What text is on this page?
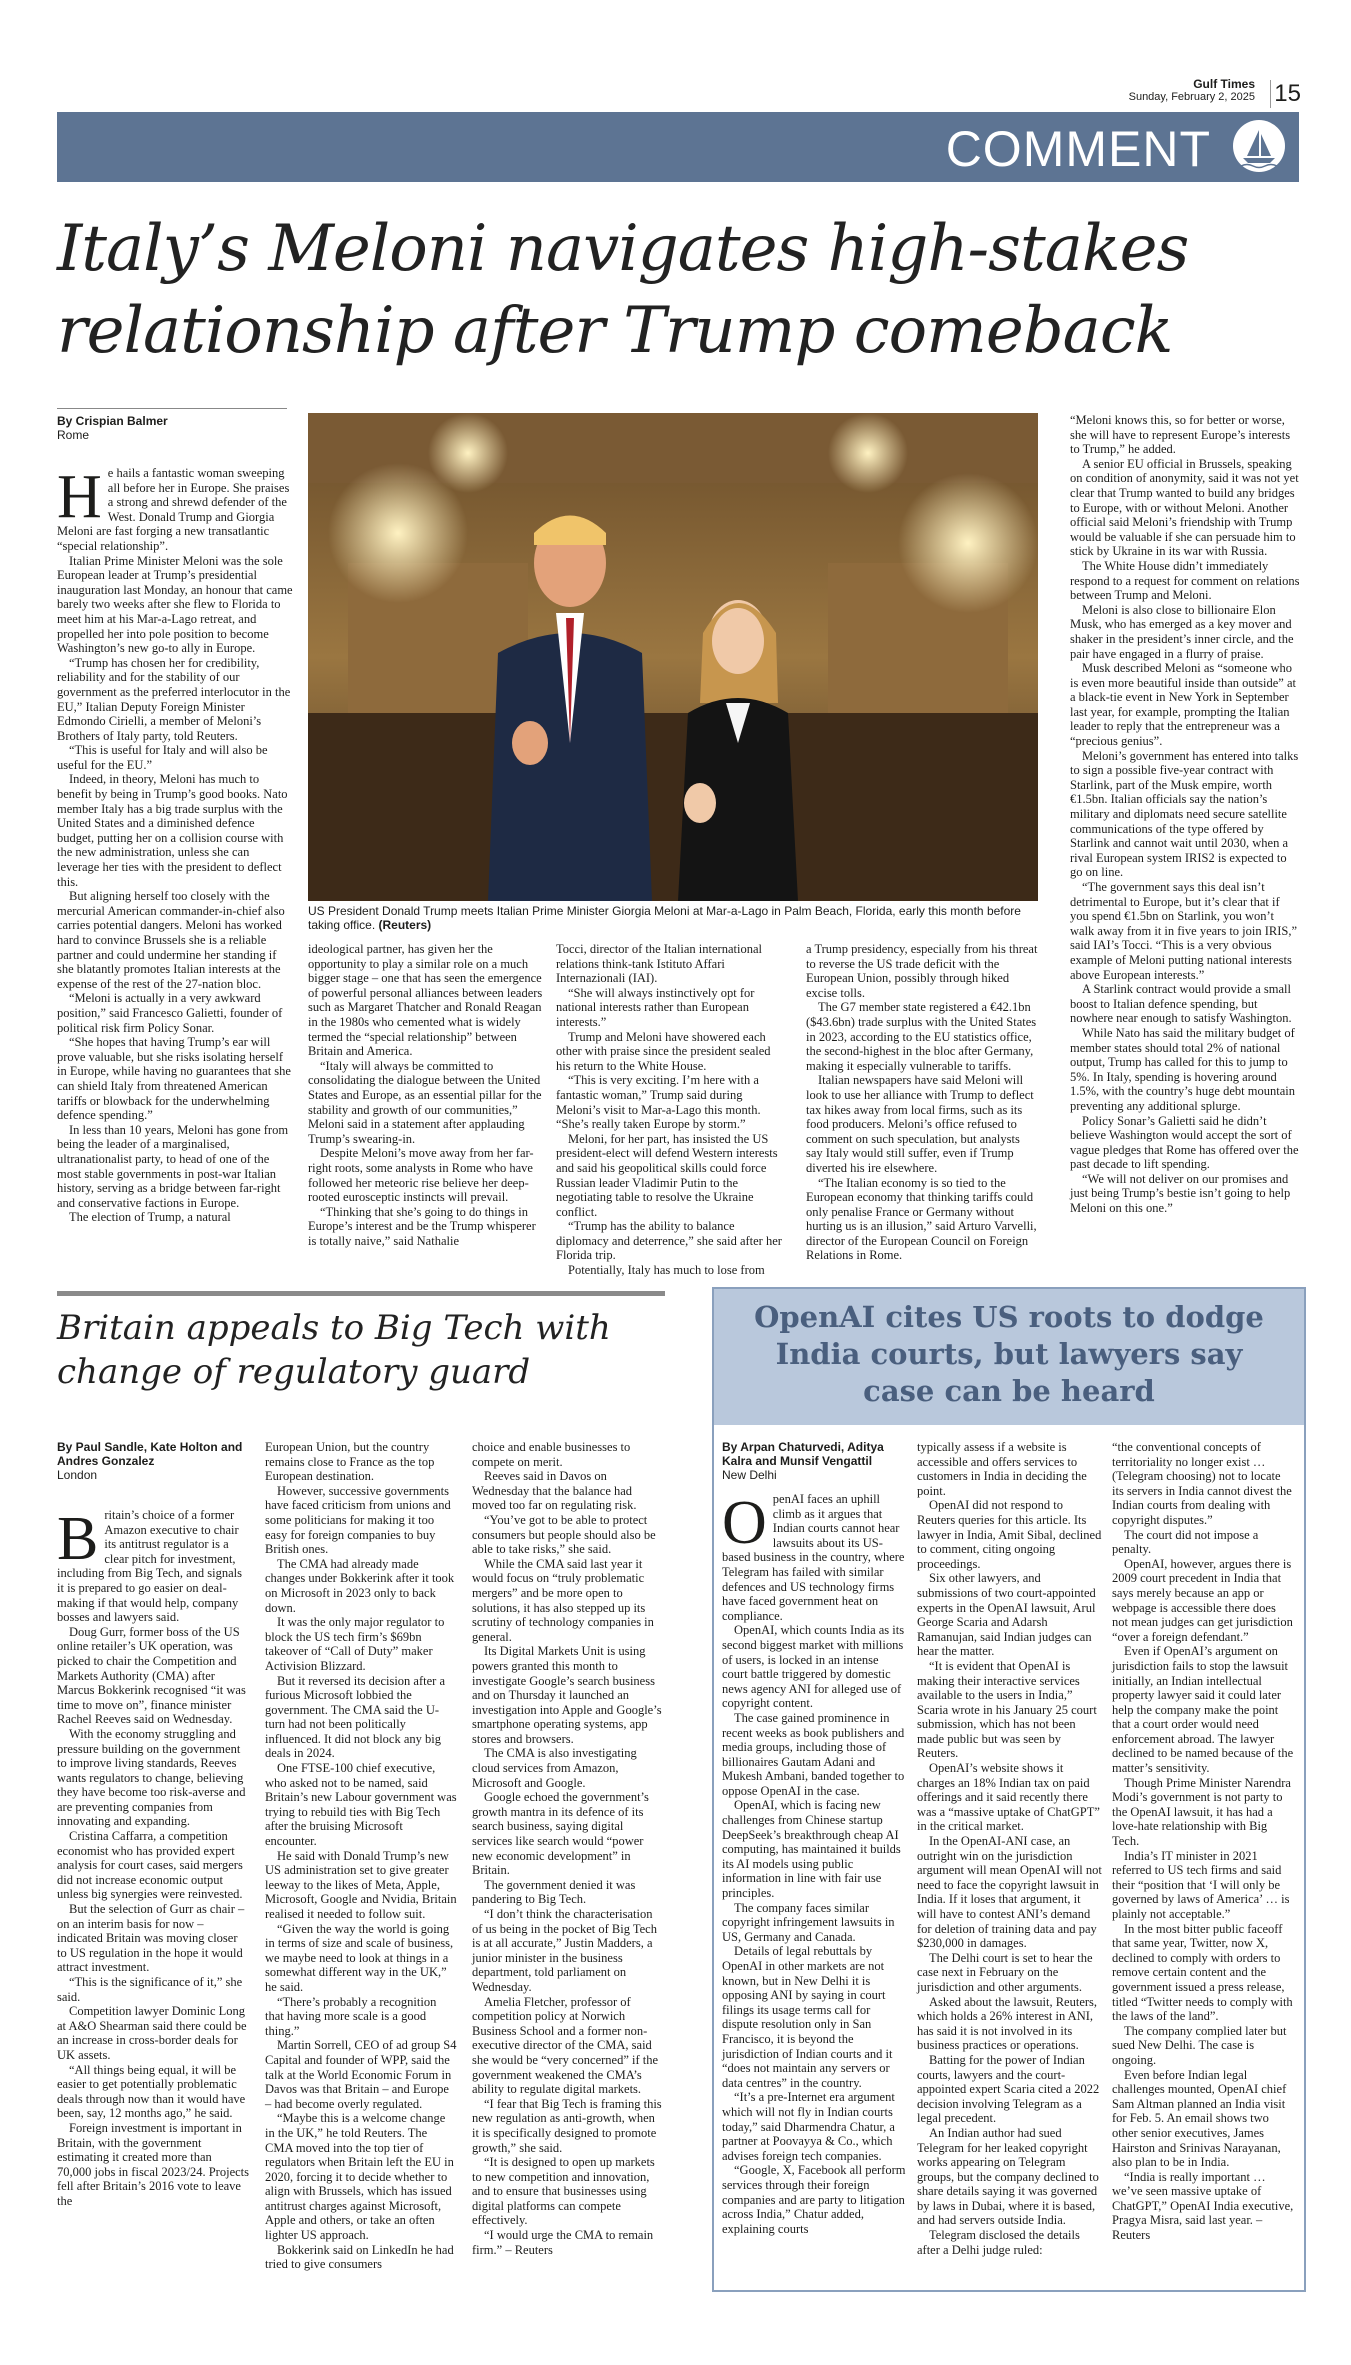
Gulf Times
Sunday, February 2, 2025 15
COMMENT
Italy’s Meloni navigates high-stakes
relationship after Trump comeback
By Crispian Balmer
Rome

He hails a fantastic woman sweeping all before her in Europe. She praises a strong and shrewd defender of the West. Donald Trump and Giorgia Meloni are fast forging a new transatlantic “special relationship”.

Italian Prime Minister Meloni was the sole European leader at Trump’s presidential inauguration last Monday, an honour that came barely two weeks after she flew to Florida to meet him at his Mar-a-Lago retreat, and propelled her into pole position to become Washington’s new go-to ally in Europe.

“Trump has chosen her for credibility, reliability and for the stability of our government as the preferred interlocutor in the EU,” Italian Deputy Foreign Minister Edmondo Cirielli, a member of Meloni’s Brothers of Italy party, told Reuters.

“This is useful for Italy and will also be useful for the EU.”

Indeed, in theory, Meloni has much to benefit by being in Trump’s good books. Nato member Italy has a big trade surplus with the United States and a diminished defence budget, putting her on a collision course with the new administration, unless she can leverage her ties with the president to deflect this.

But aligning herself too closely with the mercurial American commander-in-chief also carries potential dangers. Meloni has worked hard to convince Brussels she is a reliable partner and could undermine her standing if she blatantly promotes Italian interests at the expense of the rest of the 27-nation bloc.

“Meloni is actually in a very awkward position,” said Francesco Galietti, founder of political risk firm Policy Sonar.

“She hopes that having Trump’s ear will prove valuable, but she risks isolating herself in Europe, while having no guarantees that she can shield Italy from threatened American tariffs or blowback for the underwhelming defence spending.”

In less than 10 years, Meloni has gone from being the leader of a marginalised, ultranationalist party, to head of one of the most stable governments in post-war Italian history, serving as a bridge between far-right and conservative factions in Europe.

The election of Trump, a natural

US President Donald Trump meets Italian Prime Minister Giorgia Meloni at Mar-a-Lago in Palm Beach, Florida, early this month before taking office. (Reuters)

ideological partner, has given her the opportunity to play a similar role on a much bigger stage – one that has seen the emergence of powerful personal alliances between leaders such as Margaret Thatcher and Ronald Reagan in the 1980s who cemented what is widely termed the “special relationship” between Britain and America.

“Italy will always be committed to consolidating the dialogue between the United States and Europe, as an essential pillar for the stability and growth of our communities,” Meloni said in a statement after applauding Trump’s swearing-in.

Despite Meloni’s move away from her far-right roots, some analysts in Rome who have followed her meteoric rise believe her deep-rooted eurosceptic instincts will prevail.

“Thinking that she’s going to do things in Europe’s interest and be the Trump whisperer is totally naive,” said Nathalie

Tocci, director of the Italian international relations think-tank Istituto Affari Internazionali (IAI).

“She will always instinctively opt for national interests rather than European interests.”

Trump and Meloni have showered each other with praise since the president sealed his return to the White House.

“This is very exciting. I’m here with a fantastic woman,” Trump said during Meloni’s visit to Mar-a-Lago this month. “She’s really taken Europe by storm.”

Meloni, for her part, has insisted the US president-elect will defend Western interests and said his geopolitical skills could force Russian leader Vladimir Putin to the negotiating table to resolve the Ukraine conflict.

“Trump has the ability to balance diplomacy and deterrence,” she said after her Florida trip.

Potentially, Italy has much to lose from

a Trump presidency, especially from his threat to reverse the US trade deficit with the European Union, possibly through hiked excise tolls.

The G7 member state registered a €42.1bn ($43.6bn) trade surplus with the United States in 2023, according to the EU statistics office, the second-highest in the bloc after Germany, making it especially vulnerable to tariffs.

Italian newspapers have said Meloni will look to use her alliance with Trump to deflect tax hikes away from local firms, such as its food producers. Meloni’s office refused to comment on such speculation, but analysts say Italy would still suffer, even if Trump diverted his ire elsewhere.

“The Italian economy is so tied to the European economy that thinking tariffs could only penalise France or Germany without hurting us is an illusion,” said Arturo Varvelli, director of the European Council on Foreign Relations in Rome.

“Meloni knows this, so for better or worse, she will have to represent Europe’s interests to Trump,” he added.

A senior EU official in Brussels, speaking on condition of anonymity, said it was not yet clear that Trump wanted to build any bridges to Europe, with or without Meloni. Another official said Meloni’s friendship with Trump would be valuable if she can persuade him to stick by Ukraine in its war with Russia.

The White House didn’t immediately respond to a request for comment on relations between Trump and Meloni.

Meloni is also close to billionaire Elon Musk, who has emerged as a key mover and shaker in the president’s inner circle, and the pair have engaged in a flurry of praise.

Musk described Meloni as “someone who is even more beautiful inside than outside” at a black-tie event in New York in September last year, for example, prompting the Italian leader to reply that the entrepreneur was a “precious genius”.

Meloni’s government has entered into talks to sign a possible five-year contract with Starlink, part of the Musk empire, worth €1.5bn. Italian officials say the nation’s military and diplomats need secure satellite communications of the type offered by Starlink and cannot wait until 2030, when a rival European system IRIS2 is expected to go on line.

“The government says this deal isn’t detrimental to Europe, but it’s clear that if you spend €1.5bn on Starlink, you won’t walk away from it in five years to join IRIS,” said IAI’s Tocci. “This is a very obvious example of Meloni putting national interests above European interests.”

A Starlink contract would provide a small boost to Italian defence spending, but nowhere near enough to satisfy Washington.

While Nato has said the military budget of member states should total 2% of national output, Trump has called for this to jump to 5%. In Italy, spending is hovering around 1.5%, with the country’s huge debt mountain preventing any additional splurge.

Policy Sonar’s Galietti said he didn’t believe Washington would accept the sort of vague pledges that Rome has offered over the past decade to lift spending.

“We will not deliver on our promises and just being Trump’s bestie isn’t going to help Meloni on this one.”

Britain appeals to Big Tech with
change of regulatory guard
By Paul Sandle, Kate Holton and Andres Gonzalez
London

Britain’s choice of a former Amazon executive to chair its antitrust regulator is a clear pitch for investment, including from Big Tech, and signals it is prepared to go easier on deal-making if that would help, company bosses and lawyers said.

Doug Gurr, former boss of the US online retailer’s UK operation, was picked to chair the Competition and Markets Authority (CMA) after Marcus Bokkerink recognised “it was time to move on”, finance minister Rachel Reeves said on Wednesday.

With the economy struggling and pressure building on the government to improve living standards, Reeves wants regulators to change, believing they have become too risk-averse and are preventing companies from innovating and expanding.

Cristina Caffarra, a competition economist who has provided expert analysis for court cases, said mergers did not increase economic output unless big synergies were reinvested.

But the selection of Gurr as chair – on an interim basis for now – indicated Britain was moving closer to US regulation in the hope it would attract investment.

“This is the significance of it,” she said.

Competition lawyer Dominic Long at A&O Shearman said there could be an increase in cross-border deals for UK assets.

“All things being equal, it will be easier to get potentially problematic deals through now than it would have been, say, 12 months ago,” he said.

Foreign investment is important in Britain, with the government estimating it created more than 70,000 jobs in fiscal 2023/24. Projects fell after Britain’s 2016 vote to leave the

European Union, but the country remains close to France as the top European destination.

However, successive governments have faced criticism from unions and some politicians for making it too easy for foreign companies to buy British ones.

The CMA had already made changes under Bokkerink after it took on Microsoft in 2023 only to back down.

It was the only major regulator to block the US tech firm’s $69bn takeover of “Call of Duty” maker Activision Blizzard.

But it reversed its decision after a furious Microsoft lobbied the government. The CMA said the U-turn had not been politically influenced. It did not block any big deals in 2024.

One FTSE-100 chief executive, who asked not to be named, said Britain’s new Labour government was trying to rebuild ties with Big Tech after the bruising Microsoft encounter.

He said with Donald Trump’s new US administration set to give greater leeway to the likes of Meta, Apple, Microsoft, Google and Nvidia, Britain realised it needed to follow suit.

“Given the way the world is going in terms of size and scale of business, we maybe need to look at things in a somewhat different way in the UK,” he said.

“There’s probably a recognition that having more scale is a good thing.”

Martin Sorrell, CEO of ad group S4 Capital and founder of WPP, said the talk at the World Economic Forum in Davos was that Britain – and Europe – had become overly regulated.

“Maybe this is a welcome change in the UK,” he told Reuters. The CMA moved into the top tier of regulators when Britain left the EU in 2020, forcing it to decide whether to align with Brussels, which has issued antitrust charges against Microsoft, Apple and others, or take an often lighter US approach.

Bokkerink said on LinkedIn he had tried to give consumers

choice and enable businesses to compete on merit.

Reeves said in Davos on Wednesday that the balance had moved too far on regulating risk.

“You’ve got to be able to protect consumers but people should also be able to take risks,” she said.

While the CMA said last year it would focus on “truly problematic mergers” and be more open to solutions, it has also stepped up its scrutiny of technology companies in general.

Its Digital Markets Unit is using powers granted this month to investigate Google’s search business and on Thursday it launched an investigation into Apple and Google’s smartphone operating systems, app stores and browsers.

The CMA is also investigating cloud services from Amazon, Microsoft and Google.

Google echoed the government’s growth mantra in its defence of its search business, saying digital services like search would “power new economic development” in Britain.

The government denied it was pandering to Big Tech.

“I don’t think the characterisation of us being in the pocket of Big Tech is at all accurate,” Justin Madders, a junior minister in the business department, told parliament on Wednesday.

Amelia Fletcher, professor of competition policy at Norwich Business School and a former non-executive director of the CMA, said she would be “very concerned” if the government weakened the CMA’s ability to regulate digital markets.

“I fear that Big Tech is framing this new regulation as anti-growth, when it is specifically designed to promote growth,” she said.

“It is designed to open up markets to new competition and innovation, and to ensure that businesses using digital platforms can compete effectively.

“I would urge the CMA to remain firm.” – Reuters

OpenAI cites US roots to dodge
India courts, but lawyers say
case can be heard
By Arpan Chaturvedi, Aditya Kalra and Munsif Vengattil
New Delhi

OpenAI faces an uphill climb as it argues that Indian courts cannot hear lawsuits about its US-based business in the country, where Telegram has failed with similar defences and US technology firms have faced government heat on compliance.

OpenAI, which counts India as its second biggest market with millions of users, is locked in an intense court battle triggered by domestic news agency ANI for alleged use of copyright content.

The case gained prominence in recent weeks as book publishers and media groups, including those of billionaires Gautam Adani and Mukesh Ambani, banded together to oppose OpenAI in the case.

OpenAI, which is facing new challenges from Chinese startup DeepSeek’s breakthrough cheap AI computing, has maintained it builds its AI models using public information in line with fair use principles.

The company faces similar copyright infringement lawsuits in US, Germany and Canada.

Details of legal rebuttals by OpenAI in other markets are not known, but in New Delhi it is opposing ANI by saying in court filings its usage terms call for dispute resolution only in San Francisco, it is beyond the jurisdiction of Indian courts and it “does not maintain any servers or data centres” in the country.

“It’s a pre-Internet era argument which will not fly in Indian courts today,” said Dharmendra Chatur, a partner at Poovayya & Co., which advises foreign tech companies.

“Google, X, Facebook all perform services through their foreign companies and are party to litigation across India,” Chatur added, explaining courts

typically assess if a website is accessible and offers services to customers in India in deciding the point.

OpenAI did not respond to Reuters queries for this article. Its lawyer in India, Amit Sibal, declined to comment, citing ongoing proceedings.

Six other lawyers, and submissions of two court-appointed experts in the OpenAI lawsuit, Arul George Scaria and Adarsh Ramanujan, said Indian judges can hear the matter.

“It is evident that OpenAI is making their interactive services available to the users in India,” Scaria wrote in his January 25 court submission, which has not been made public but was seen by Reuters.

OpenAI’s website shows it charges an 18% Indian tax on paid offerings and it said recently there was a “massive uptake of ChatGPT” in the critical market.

In the OpenAI-ANI case, an outright win on the jurisdiction argument will mean OpenAI will not need to face the copyright lawsuit in India. If it loses that argument, it will have to contest ANI’s demand for deletion of training data and pay $230,000 in damages.

The Delhi court is set to hear the case next in February on the jurisdiction and other arguments.

Asked about the lawsuit, Reuters, which holds a 26% interest in ANI, has said it is not involved in its business practices or operations.

Batting for the power of Indian courts, lawyers and the court-appointed expert Scaria cited a 2022 decision involving Telegram as a legal precedent.

An Indian author had sued Telegram for her leaked copyright works appearing on Telegram groups, but the company declined to share details saying it was governed by laws in Dubai, where it is based, and had servers outside India.

Telegram disclosed the details after a Delhi judge ruled:

“the conventional concepts of territoriality no longer exist … (Telegram choosing) not to locate its servers in India cannot divest the Indian courts from dealing with copyright disputes.”

The court did not impose a penalty.

OpenAI, however, argues there is 2009 court precedent in India that says merely because an app or webpage is accessible there does not mean judges can get jurisdiction “over a foreign defendant.”

Even if OpenAI’s argument on jurisdiction fails to stop the lawsuit initially, an Indian intellectual property lawyer said it could later help the company make the point that a court order would need enforcement abroad. The lawyer declined to be named because of the matter’s sensitivity.

Though Prime Minister Narendra Modi’s government is not party to the OpenAI lawsuit, it has had a love-hate relationship with Big Tech.

India’s IT minister in 2021 referred to US tech firms and said their “position that ‘I will only be governed by laws of America’ … is plainly not acceptable.”

In the most bitter public faceoff that same year, Twitter, now X, declined to comply with orders to remove certain content and the government issued a press release, titled “Twitter needs to comply with the laws of the land”.

The company complied later but sued New Delhi. The case is ongoing.

Even before Indian legal challenges mounted, OpenAI chief Sam Altman planned an India visit for Feb. 5. An email shows two other senior executives, James Hairston and Srinivas Narayanan, also plan to be in India.

“India is really important … we’ve seen massive uptake of ChatGPT,” OpenAI India executive, Pragya Misra, said last year. – Reuters
